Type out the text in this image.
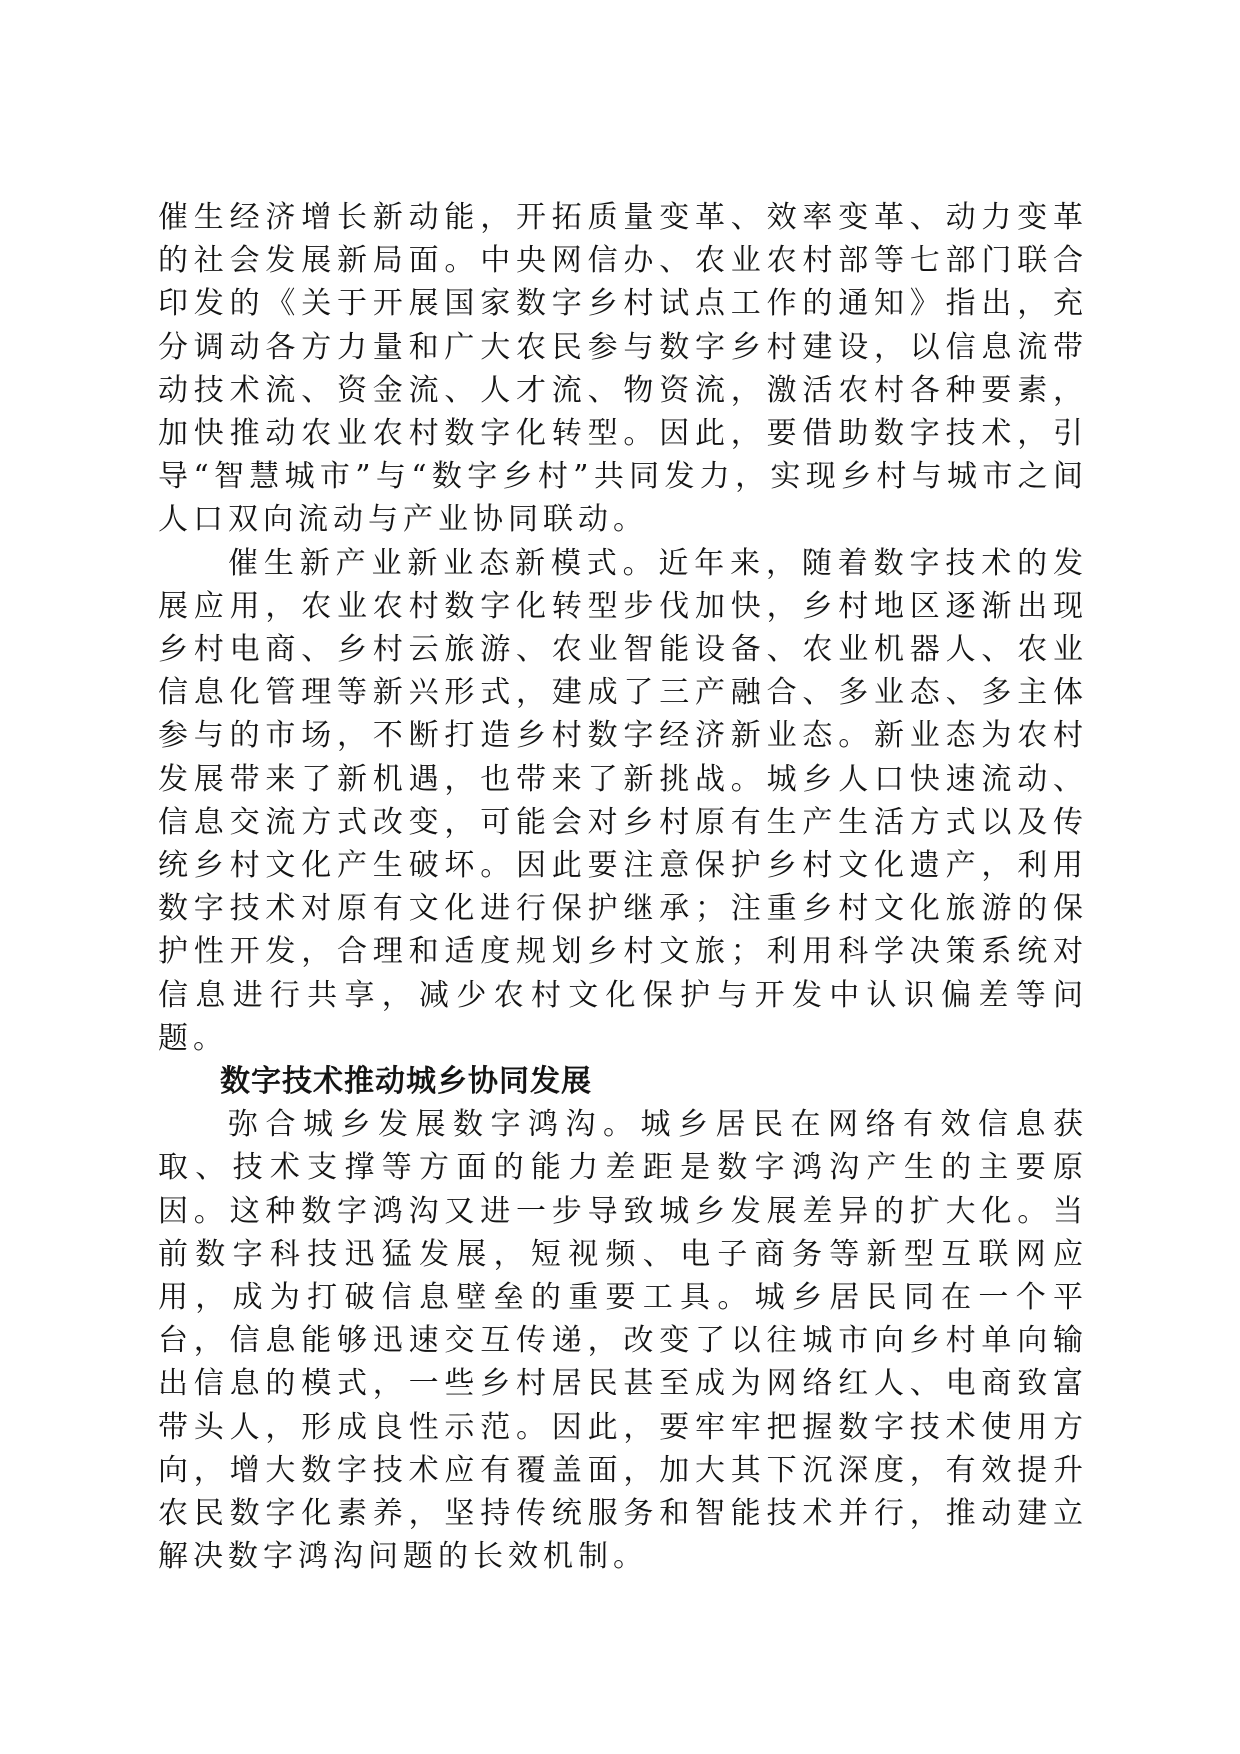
催生经济增长新动能，开拓质量变革、效率变革、动力变革的社会发展新局面。中央网信办、农业农村部等七部门联合印发的《关于开展国家数字乡村试点工作的通知》指出，充分调动各方力量和广大农民参与数字乡村建设，以信息流带动技术流、资金流、人才流、物资流，激活农村各种要素，加快推动农业农村数字化转型。因此，要借助数字技术，引导“智慧城市”与“数字乡村”共同发力，实现乡村与城市之间人口双向流动与产业协同联动。

催生新产业新业态新模式。近年来，随着数字技术的发展应用，农业农村数字化转型步伐加快，乡村地区逐渐出现乡村电商、乡村云旅游、农业智能设备、农业机器人、农业信息化管理等新兴形式，建成了三产融合、多业态、多主体参与的市场，不断打造乡村数字经济新业态。新业态为农村发展带来了新机遇，也带来了新挑战。城乡人口快速流动、信息交流方式改变，可能会对乡村原有生产生活方式以及传统乡村文化产生破坏。因此要注意保护乡村文化遗产，利用数字技术对原有文化进行保护继承；注重乡村文化旅游的保护性开发，合理和适度规划乡村文旅；利用科学决策系统对信息进行共享，减少农村文化保护与开发中认识偏差等问题。

数字技术推动城乡协同发展

弥合城乡发展数字鸿沟。城乡居民在网络有效信息获取、技术支撑等方面的能力差距是数字鸿沟产生的主要原因。这种数字鸿沟又进一步导致城乡发展差异的扩大化。当前数字科技迅猛发展，短视频、电子商务等新型互联网应用，成为打破信息壁垒的重要工具。城乡居民同在一个平台，信息能够迅速交互传递，改变了以往城市向乡村单向输出信息的模式，一些乡村居民甚至成为网络红人、电商致富带头人，形成良性示范。因此，要牢牢把握数字技术使用方向，增大数字技术应有覆盖面，加大其下沉深度，有效提升农民数字化素养，坚持传统服务和智能技术并行，推动建立解决数字鸿沟问题的长效机制。
